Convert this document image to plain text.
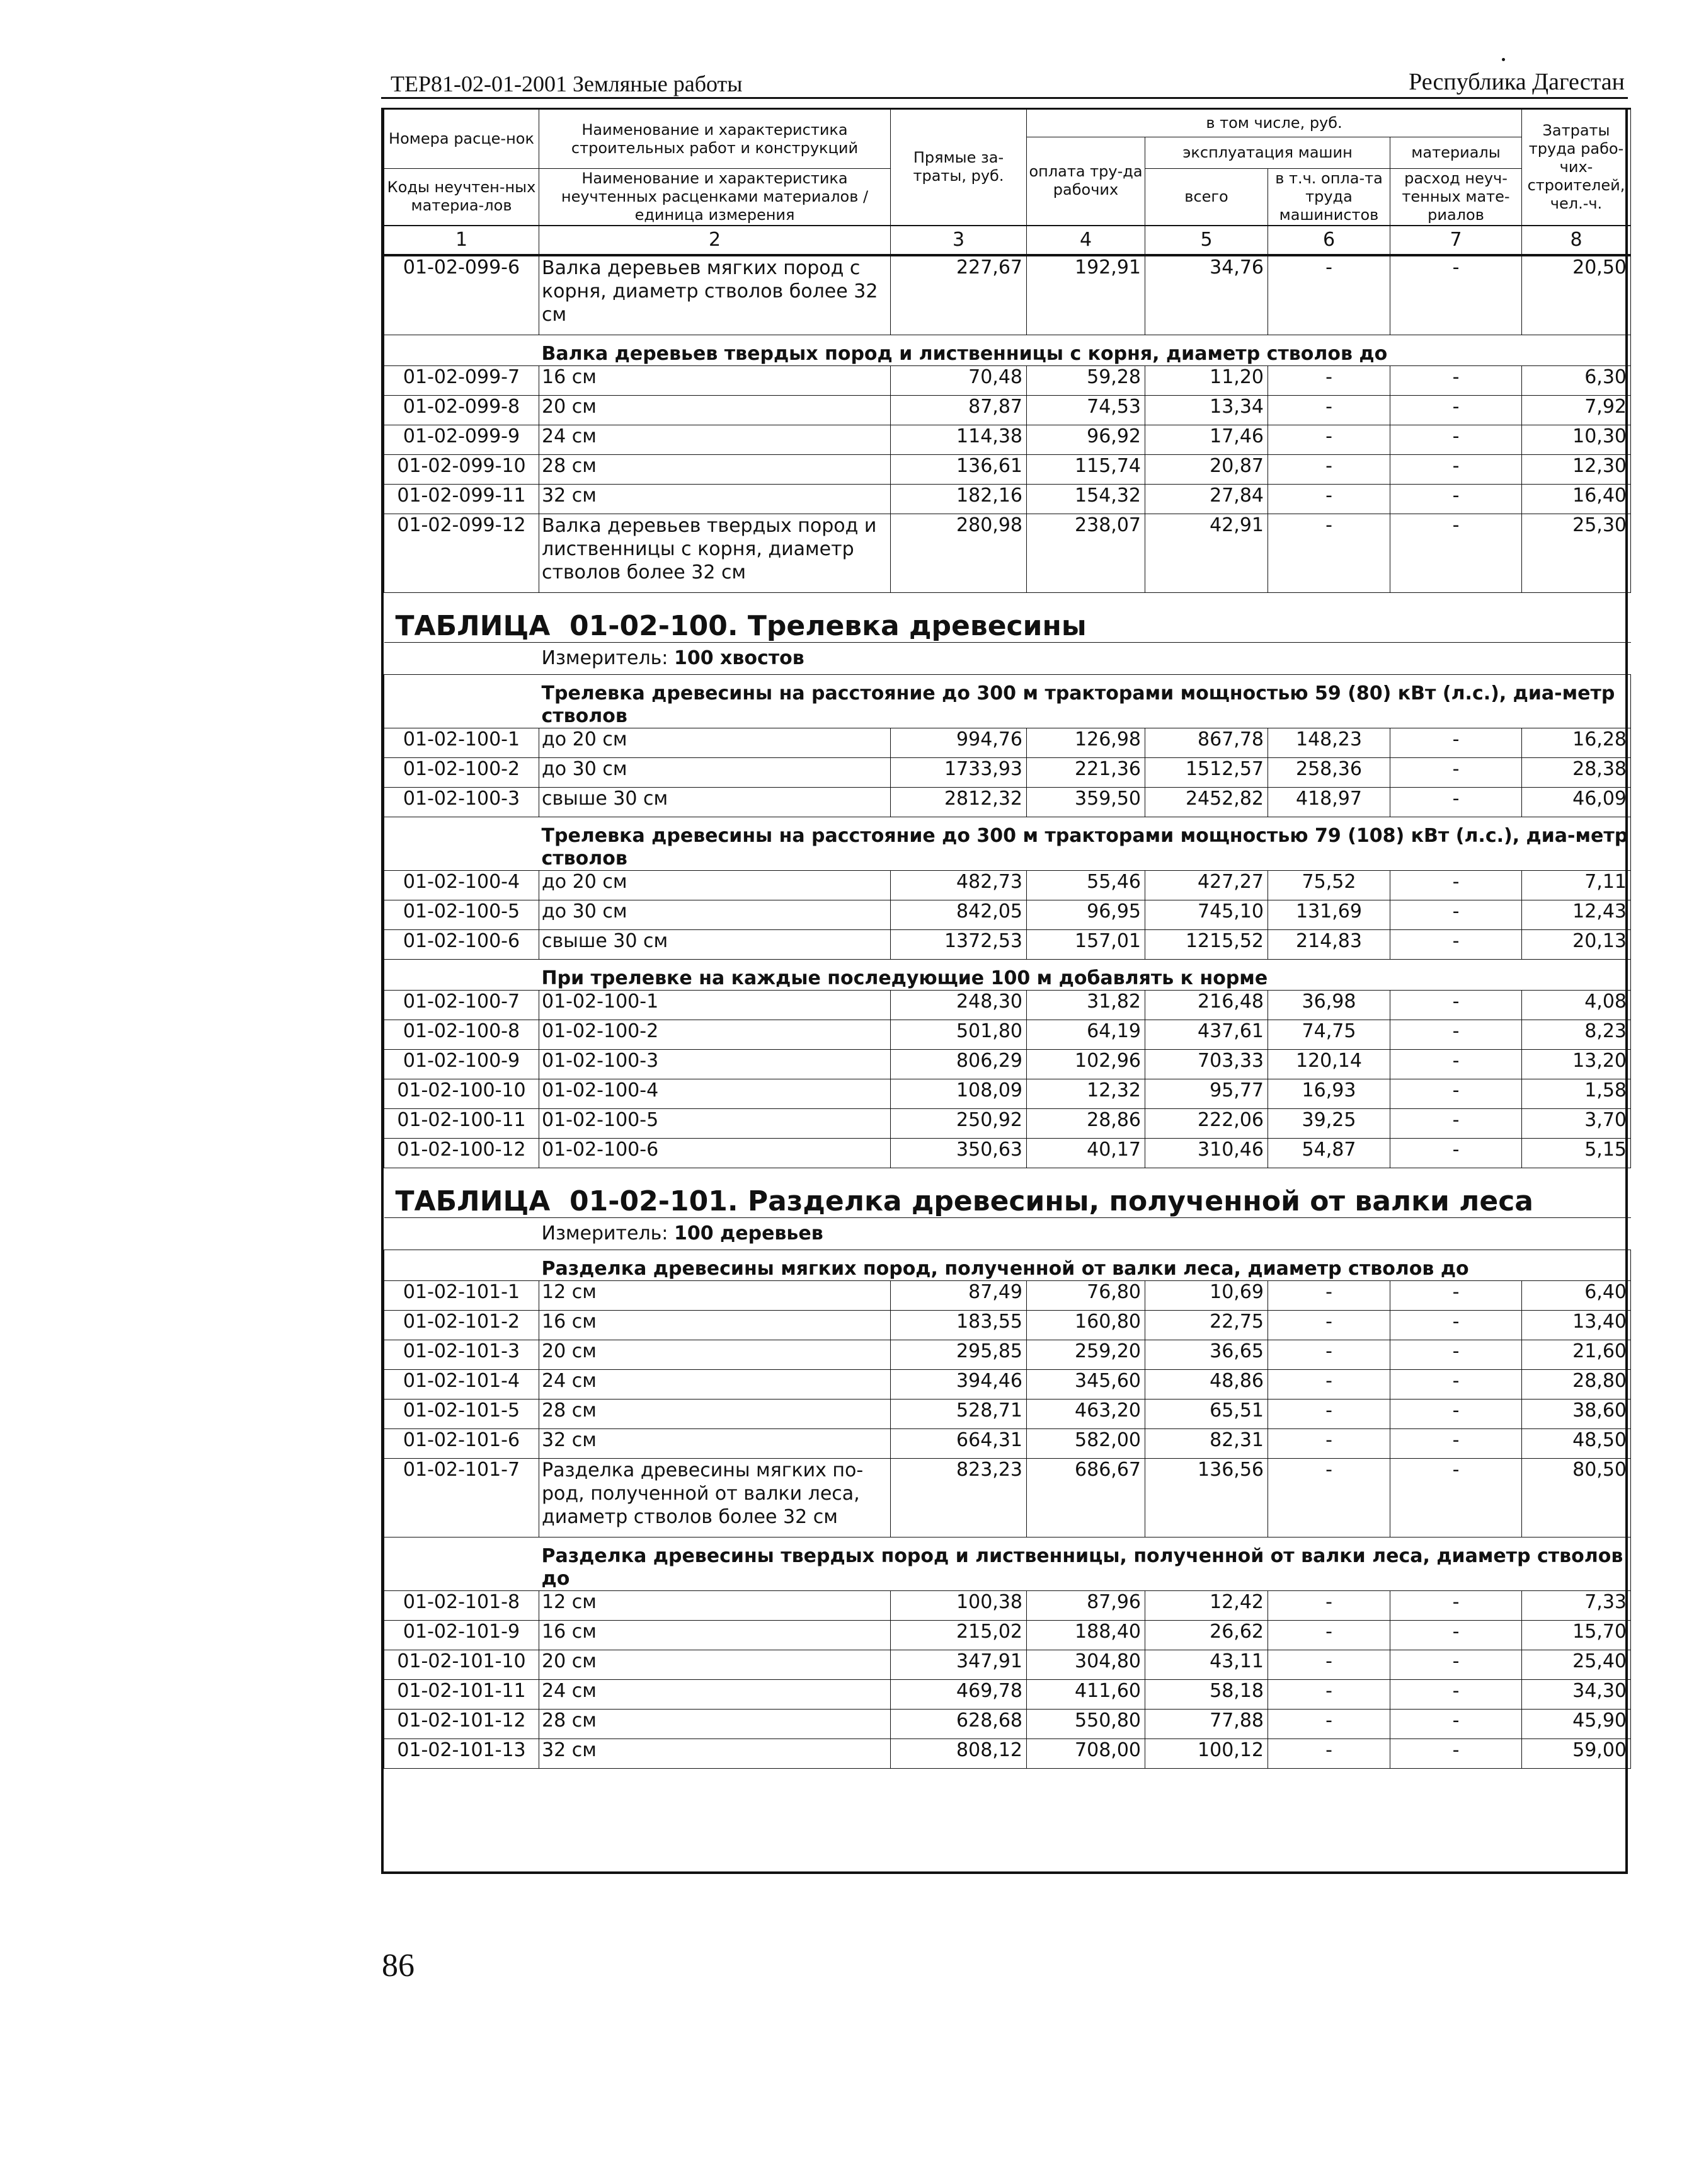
ТЕР81-02-01-2001 Земляные работы	Республика Дагестан
Номера расце-нок	Наименование и характеристика строительных работ и конструкций	Прямые за-траты, руб.	в том числе, руб.				Затраты труда рабо-чих-строителей, чел.-ч.
			оплата тру-да рабочих	эксплуатация машин		материалы	

Коды неучтен-ных материа-лов	Наименование и характеристика неучтенных расценками материалов / единица измерения			всего	в т.ч. опла-та труда машинистов	расход неуч-тенных мате-риалов	

1	2	3	4	5	6	7	8
01-02-099-6	Валка деревьев мягких пород с корня, диаметр стволов более 32 см	227,67	192,91	34,76	-	-	20,50
	Валка деревьев твердых пород и лиственницы с корня, диаметр стволов до						
01-02-099-7	16 см	70,48	59,28	11,20	-	-	6,30
01-02-099-8	20 см	87,87	74,53	13,34	-	-	7,92
01-02-099-9	24 см	114,38	96,92	17,46	-	-	10,30
01-02-099-10	28 см	136,61	115,74	20,87	-	-	12,30
01-02-099-11	32 см	182,16	154,32	27,84	-	-	16,40
01-02-099-12	Валка деревьев твердых пород и лиственницы с корня, диаметр стволов более 32 см	280,98	238,07	42,91	-	-	25,30
ТАБЛИЦА 01-02-100. Трелевка древесины							
Измеритель: 100 хвостов							
	Трелевка древесины на расстояние до 300 м тракторами мощностью 59 (80) кВт (л.с.), диа-метр стволов						
01-02-100-1	до 20 см	994,76	126,98	867,78	148,23	-	16,28
01-02-100-2	до 30 см	1733,93	221,36	1512,57	258,36	-	28,38
01-02-100-3	свыше 30 см	2812,32	359,50	2452,82	418,97	-	46,09
	Трелевка древесины на расстояние до 300 м тракторами мощностью 79 (108) кВт (л.с.), диа-метр стволов						
01-02-100-4	до 20 см	482,73	55,46	427,27	75,52	-	7,11
01-02-100-5	до 30 см	842,05	96,95	745,10	131,69	-	12,43
01-02-100-6	свыше 30 см	1372,53	157,01	1215,52	214,83	-	20,13
	При трелевке на каждые последующие 100 м добавлять к норме						
01-02-100-7	01-02-100-1	248,30	31,82	216,48	36,98	-	4,08
01-02-100-8	01-02-100-2	501,80	64,19	437,61	74,75	-	8,23
01-02-100-9	01-02-100-3	806,29	102,96	703,33	120,14	-	13,20
01-02-100-10	01-02-100-4	108,09	12,32	95,77	16,93	-	1,58
01-02-100-11	01-02-100-5	250,92	28,86	222,06	39,25	-	3,70
01-02-100-12	01-02-100-6	350,63	40,17	310,46	54,87	-	5,15
ТАБЛИЦА 01-02-101. Разделка древесины, полученной от валки леса							
Измеритель: 100 деревьев							
	Разделка древесины мягких пород, полученной от валки леса, диаметр стволов до						
01-02-101-1	12 см	87,49	76,80	10,69	-	-	6,40
01-02-101-2	16 см	183,55	160,80	22,75	-	-	13,40
01-02-101-3	20 см	295,85	259,20	36,65	-	-	21,60
01-02-101-4	24 см	394,46	345,60	48,86	-	-	28,80
01-02-101-5	28 см	528,71	463,20	65,51	-	-	38,60
01-02-101-6	32 см	664,31	582,00	82,31	-	-	48,50
01-02-101-7	Разделка древесины мягких по-род, полученной от валки леса, диаметр стволов более 32 см	823,23	686,67	136,56	-	-	80,50
	Разделка древесины твердых пород и лиственницы, полученной от валки леса, диаметр стволов до						
01-02-101-8	12 см	100,38	87,96	12,42	-	-	7,33
01-02-101-9	16 см	215,02	188,40	26,62	-	-	15,70
01-02-101-10	20 см	347,91	304,80	43,11	-	-	25,40
01-02-101-11	24 см	469,78	411,60	58,18	-	-	34,30
01-02-101-12	28 см	628,68	550,80	77,88	-	-	45,90
01-02-101-13	32 см	808,12	708,00	100,12	-	-	59,00
86
